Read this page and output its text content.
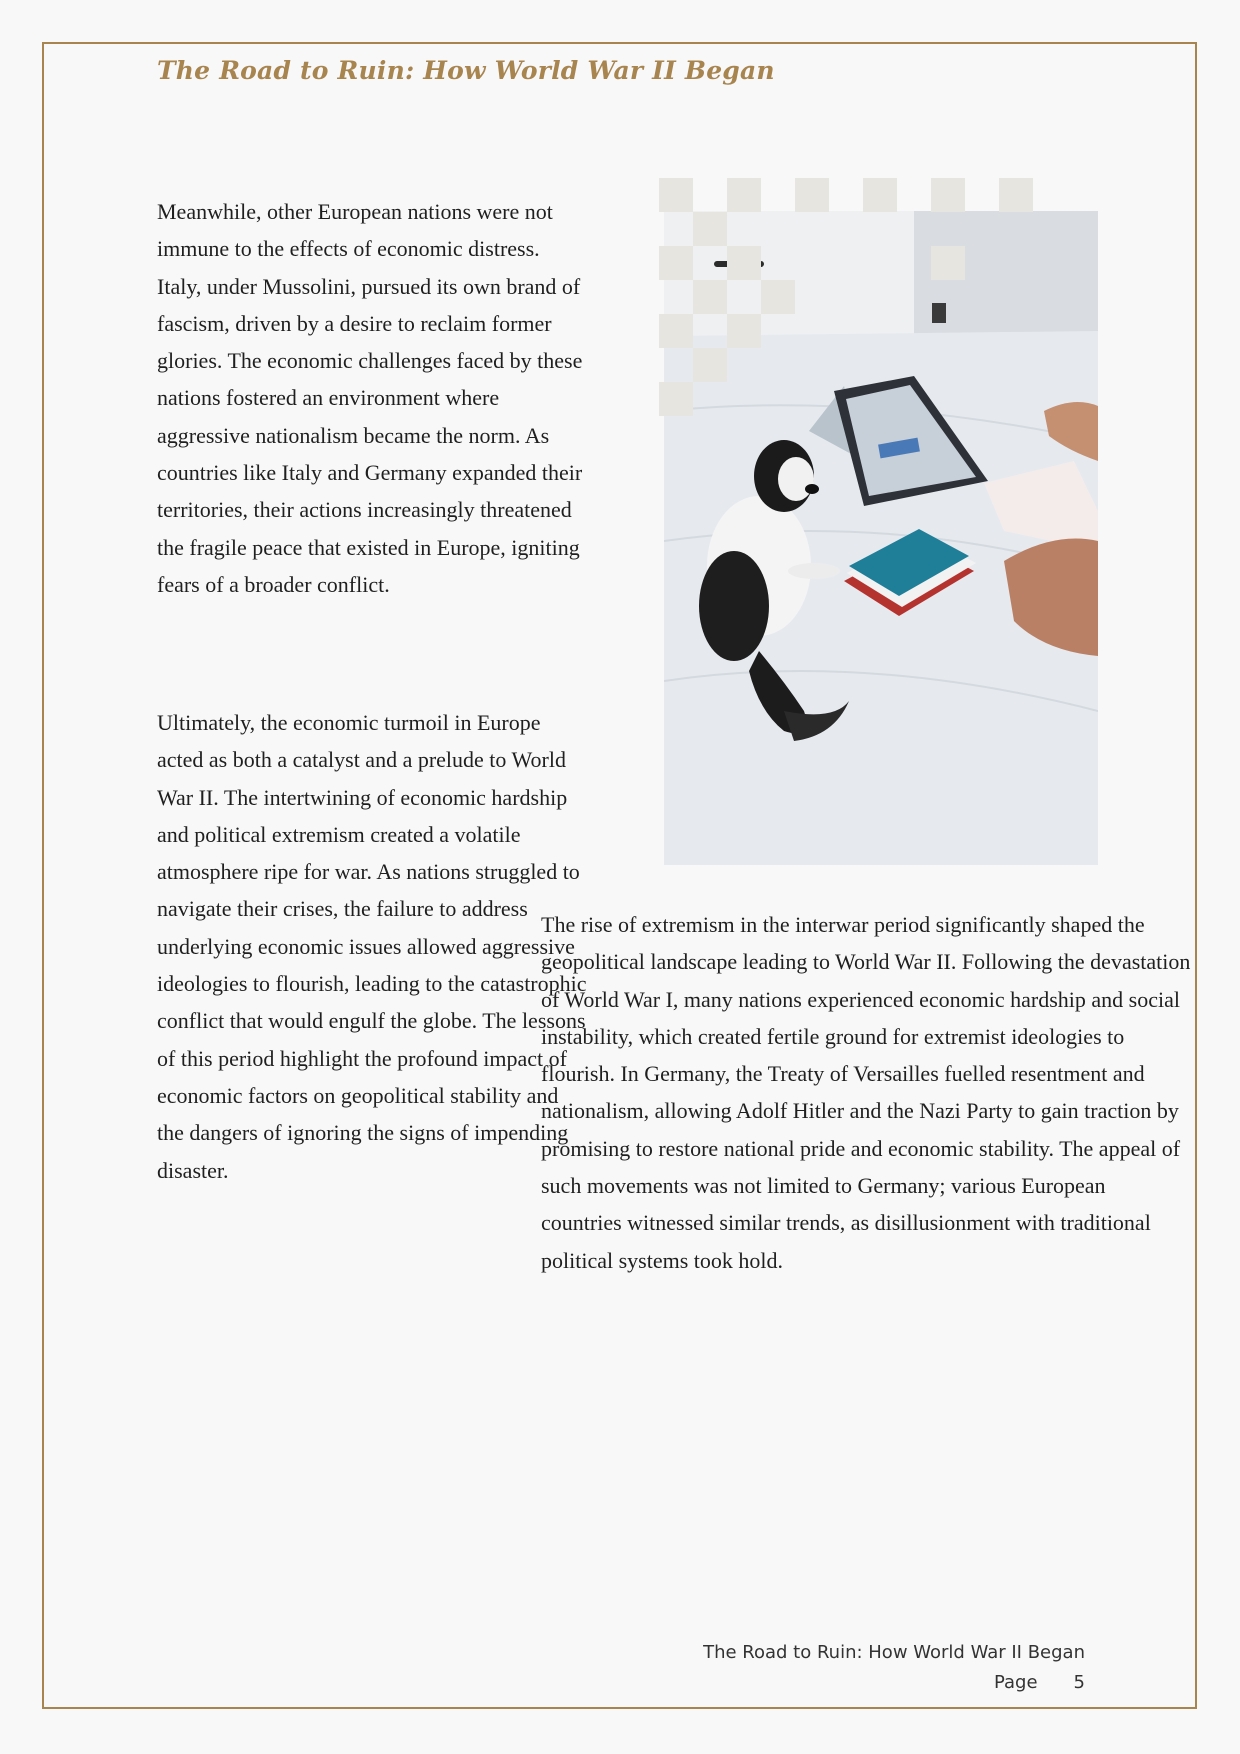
The Road to Ruin: How World War II Began

Meanwhile, other European nations were not immune to the effects of economic distress. Italy, under Mussolini, pursued its own brand of fascism, driven by a desire to reclaim former glories. The economic challenges faced by these nations fostered an environment where aggressive nationalism became the norm. As countries like Italy and Germany expanded their territories, their actions increasingly threatened the fragile peace that existed in Europe, igniting fears of a broader conflict.

Ultimately, the economic turmoil in Europe acted as both a catalyst and a prelude to World War II. The intertwining of economic hardship and political extremism created a volatile atmosphere ripe for war. As nations struggled to navigate their crises, the failure to address underlying economic issues allowed aggressive ideologies to flourish, leading to the catastrophic conflict that would engulf the globe. The lessons of this period highlight the profound impact of economic factors on geopolitical stability and the dangers of ignoring the signs of impending disaster.

The rise of extremism in the interwar period significantly shaped the geopolitical landscape leading to World War II. Following the devastation of World War I, many nations experienced economic hardship and social instability, which created fertile ground for extremist ideologies to flourish. In Germany, the Treaty of Versailles fuelled resentment and nationalism, allowing Adolf Hitler and the Nazi Party to gain traction by promising to restore national pride and economic stability. The appeal of such movements was not limited to Germany; various European countries witnessed similar trends, as disillusionment with traditional political systems took hold.

The Road to Ruin: How World War II Began

Page 5
